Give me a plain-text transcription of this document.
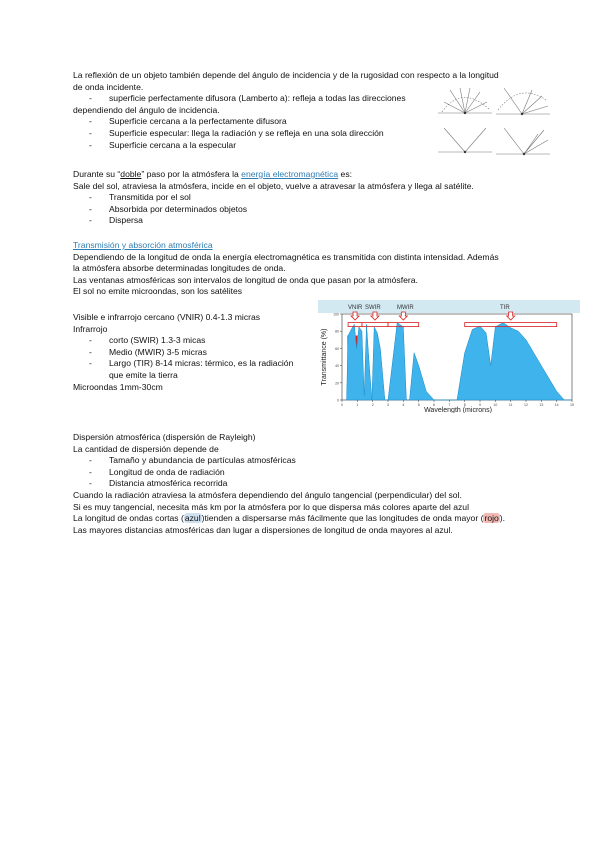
La reflexión de un objeto también depende del ángulo de incidencia y de la rugosidad con respecto a la longitud
de onda incidente.
- superficie perfectamente difusora (Lamberto a): refleja a todas las direcciones
dependiendo del ángulo de incidencia.
- Superficie cercana a la perfectamente difusora
- Superficie especular: llega la radiación y se refleja en una sola dirección
- Superficie cercana a la especular
Durante su “doble” paso por la atmósfera la energía electromagnética es:
Sale del sol, atraviesa la atmósfera, incide en el objeto, vuelve a atravesar la atmósfera y llega al satélite.
- Transmitida por el sol
- Absorbida por determinados objetos
- Dispersa
Transmisión y absorción atmosférica
Dependiendo de la longitud de onda la energía electromagnética es transmitida con distinta intensidad. Además
la atmósfera absorbe determinadas longitudes de onda.
Las ventanas atmosféricas son intervalos de longitud de onda que pasan por la atmósfera.
El sol no emite microondas, son los satélites
Visible e infrarrojo cercano (VNIR) 0.4-1.3 micras
Infrarrojo
- corto (SWIR) 1.3-3 micas
- Medio (MWIR) 3-5 micras
- Largo (TIR) 8-14 micras: térmico, es la radiación
que emite la tierra
Microondas 1mm-30cm
0	1	2	3	4	5	6	7	8	9	10	11	12	13	14	15
0
20
40
60
80
100
Transmittance (%)
Wavelength (microns)
VNIR SWIR	MWIR	TIR
Dispersión atmosférica (dispersión de Rayleigh)
La cantidad de dispersión depende de
- Tamaño y abundancia de partículas atmosféricas
- Longitud de onda de radiación
- Distancia atmosférica recorrida
Cuando la radiación atraviesa la atmósfera dependiendo del ángulo tangencial (perpendicular) del sol.
Si es muy tangencial, necesita más km por la atmósfera por lo que dispersa más colores aparte del azul
La longitud de ondas cortas (azul)tienden a dispersarse más fácilmente que las longitudes de onda mayor (rojo).
Las mayores distancias atmosféricas dan lugar a dispersiones de longitud de onda mayores al azul.
